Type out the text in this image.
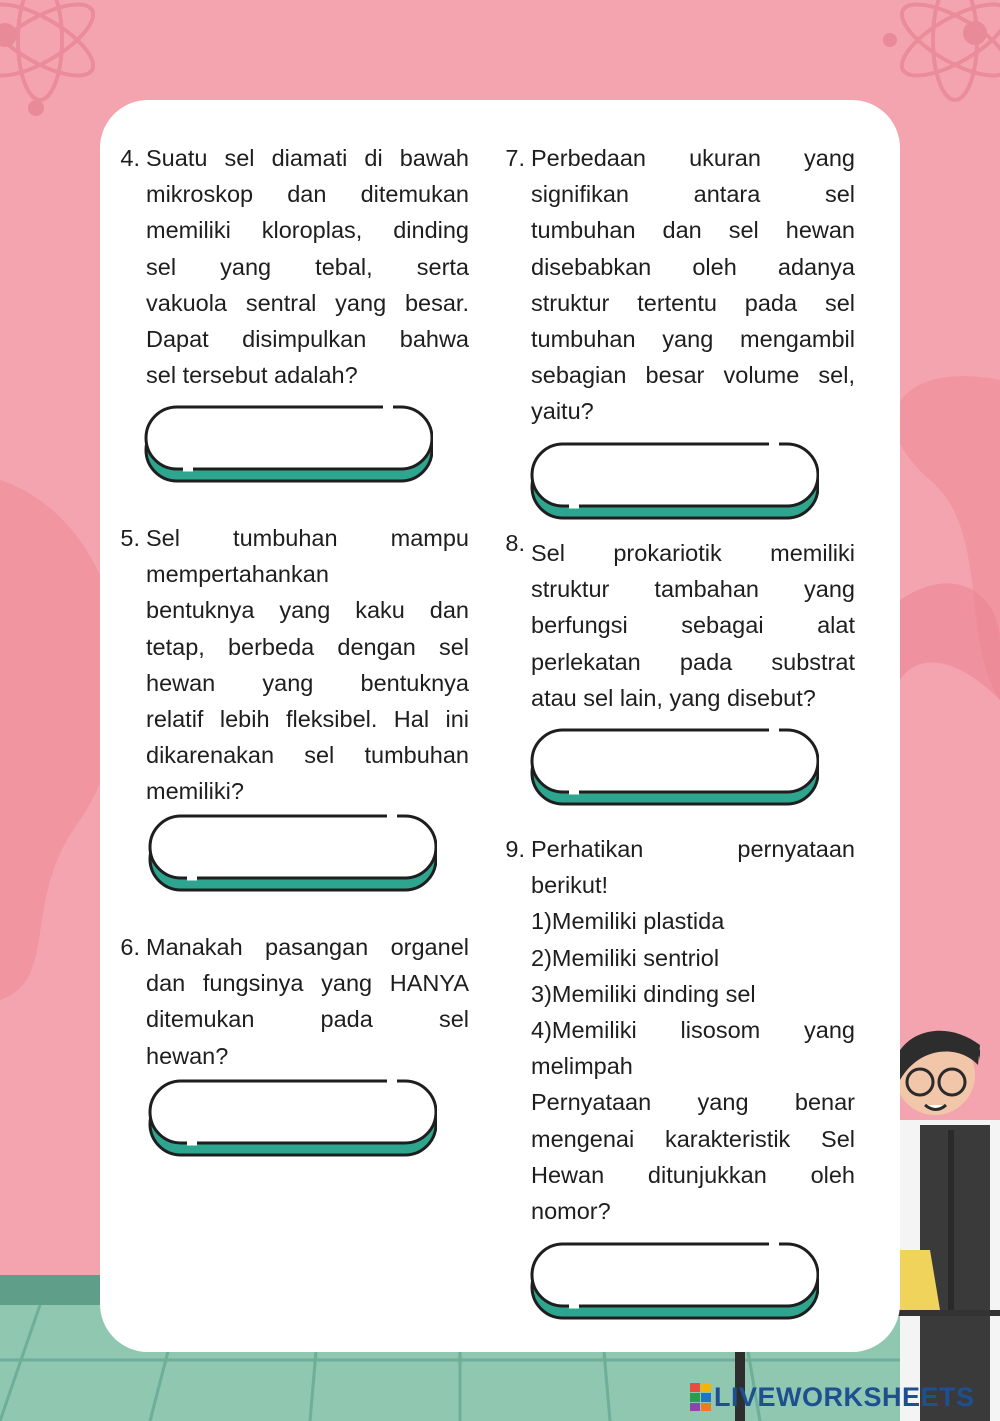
4. Suatu sel diamati di bawah
mikroskop dan ditemukan
memiliki kloroplas, dinding
sel yang tebal, serta
vakuola sentral yang besar.
Dapat disimpulkan bahwa
sel tersebut adalah?
5. Sel tumbuhan mampu
mempertahankan
bentuknya yang kaku dan
tetap, berbeda dengan sel
hewan yang bentuknya
relatif lebih fleksibel. Hal ini
dikarenakan sel tumbuhan
memiliki?
6. Manakah pasangan organel
dan fungsinya yang HANYA
ditemukan pada sel
hewan?
7. Perbedaan ukuran yang
signifikan antara sel
tumbuhan dan sel hewan
disebabkan oleh adanya
struktur tertentu pada sel
tumbuhan yang mengambil
sebagian besar volume sel,
yaitu?
8. Sel prokariotik memiliki
struktur tambahan yang
berfungsi sebagai alat
perlekatan pada substrat
atau sel lain, yang disebut?
9. Perhatikan pernyataan
berikut!
1)Memiliki plastida
2)Memiliki sentriol
3)Memiliki dinding sel
4)Memiliki lisosom yang
melimpah
Pernyataan yang benar
mengenai karakteristik Sel
Hewan ditunjukkan oleh
nomor?
LIVEWORKSHEETS
